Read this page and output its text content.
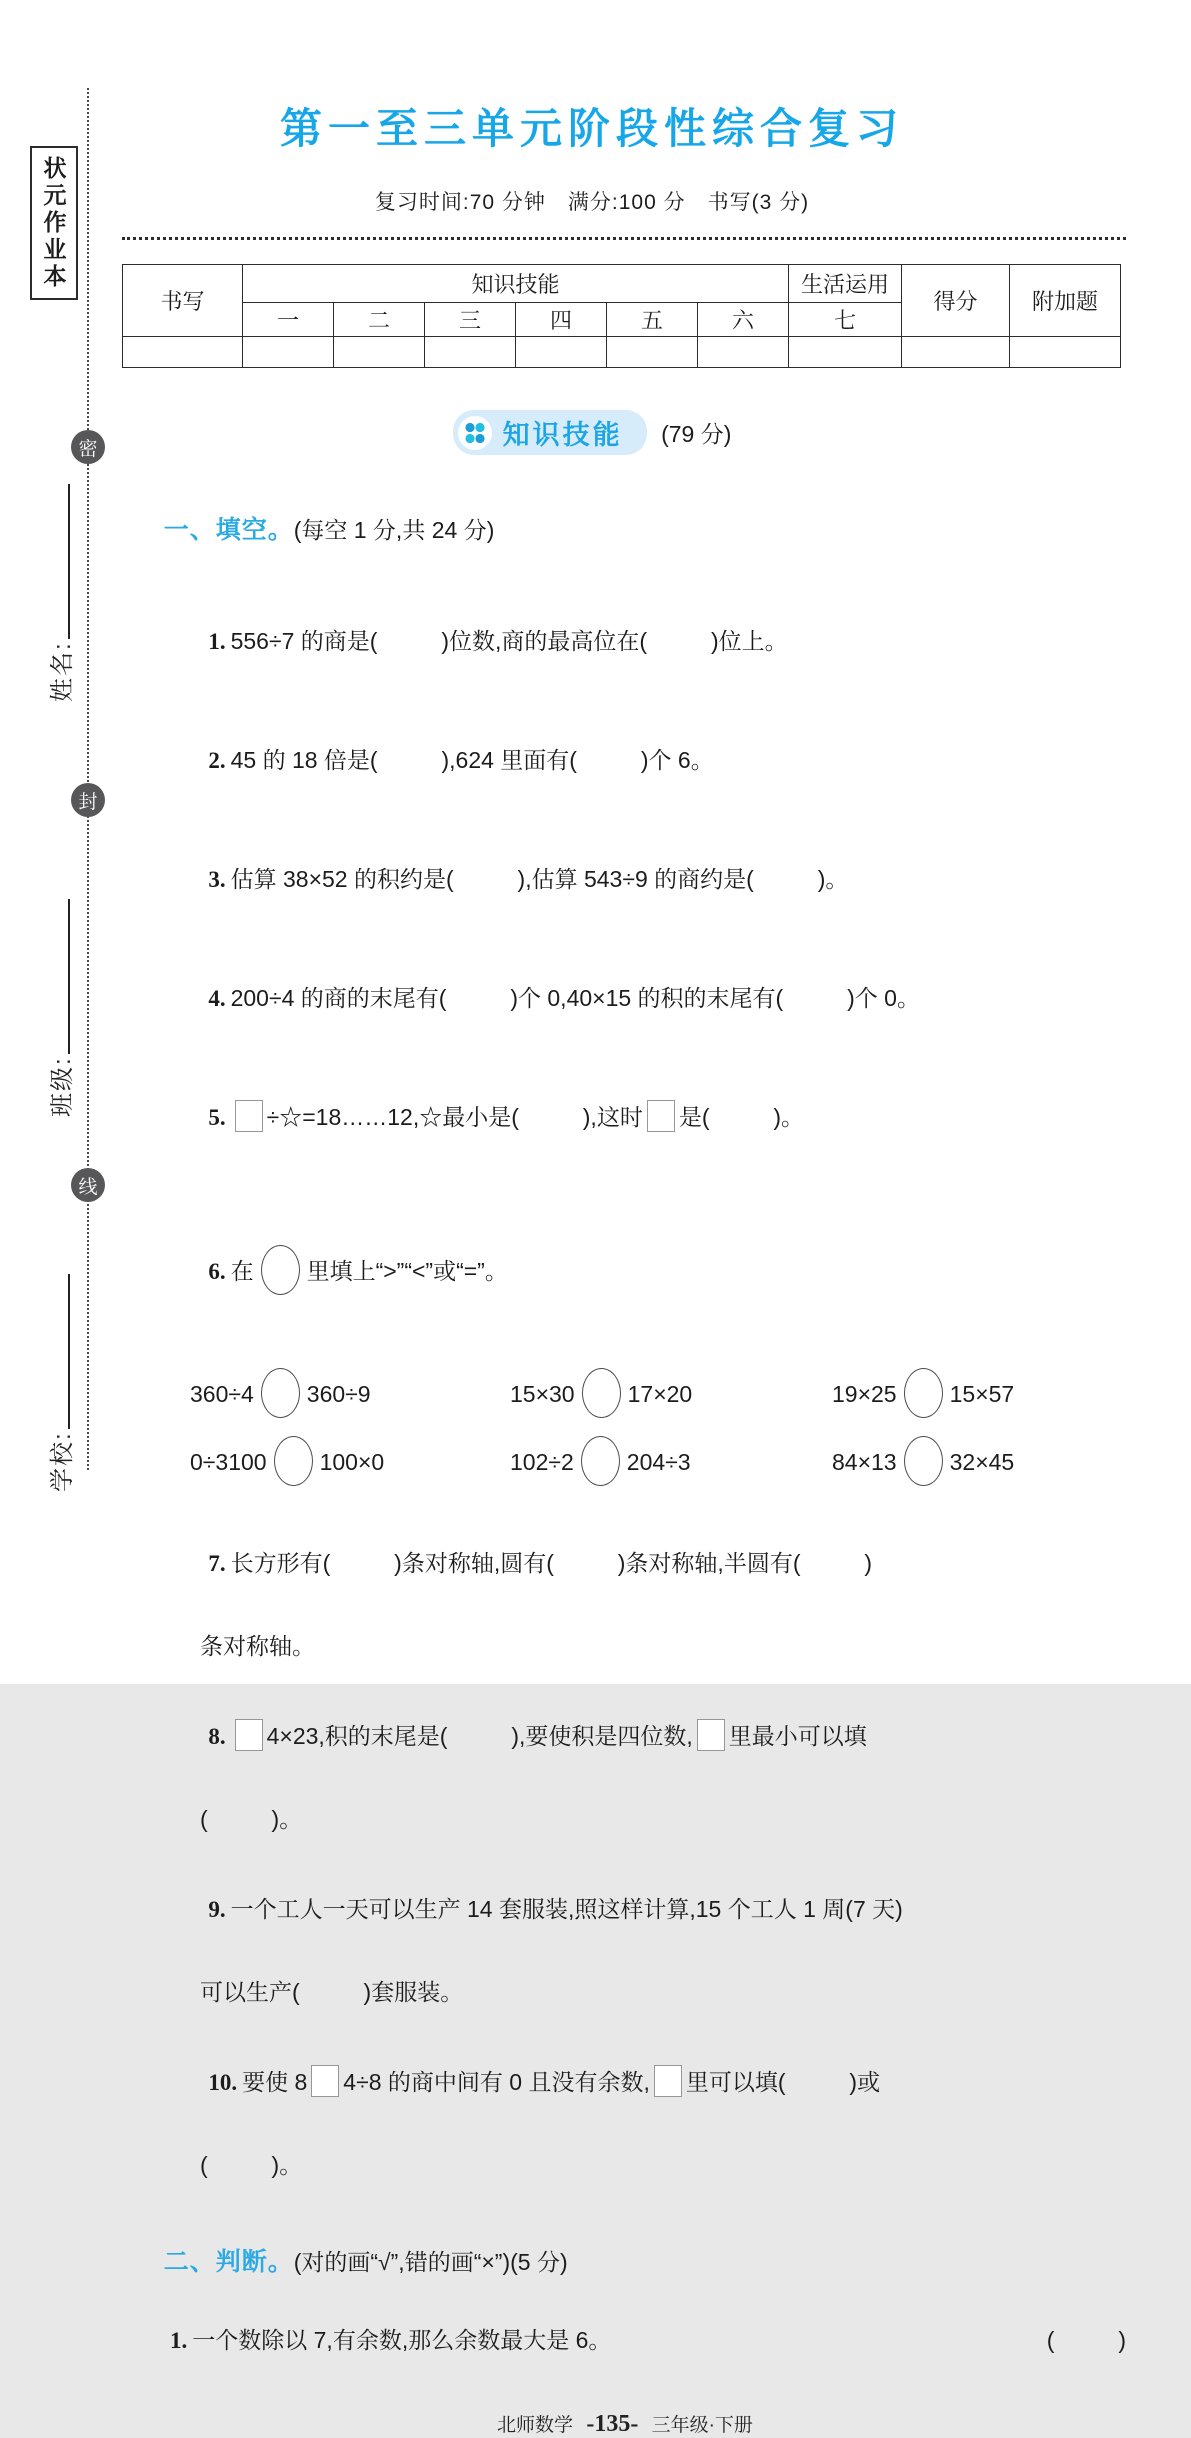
状元作业本
密
封
线
姓名:
班级:
学校:
第一至三单元阶段性综合复习
复习时间:70 分钟　满分:100 分　书写(3 分)
书写	知识技能						生活运用	得分	附加题
	一	二	三	四	五	六	七		

知识技能 (79 分)

一、填空。(每空 1 分,共 24 分)

1. 556÷7 的商是(          )位数,商的最高位在(          )位上。

2. 45 的 18 倍是(          ),624 里面有(          )个 6。

3. 估算 38×52 的积约是(          ),估算 543÷9 的商约是(          )。

4. 200÷4 的商的末尾有(          )个 0,40×15 的积的末尾有(          )个 0。

5. ÷☆=18……12,☆最小是(          ),这时 是(          )。

6. 在 里填上“>”“<”或“=”。

360÷4 360÷9	15×30 17×20	19×25 15×57
0÷3100 100×0	102÷2 204÷3	84×13 32×45

7. 长方形有(          )条对称轴,圆有(          )条对称轴,半圆有(          )

条对称轴。

8. 4×23,积的末尾是(          ),要使积是四位数, 里最小可以填

(          )。

9. 一个工人一天可以生产 14 套服装,照这样计算,15 个工人 1 周(7 天)

可以生产(          )套服装。

10. 要使 8 4÷8 的商中间有 0 且没有余数, 里可以填(          )或

(          )。

二、判断。(对的画“√”,错的画“×”)(5 分)

1. 一个数除以 7,有余数,那么余数最大是 6。	(          )
北师数学 -135- 三年级·下册
